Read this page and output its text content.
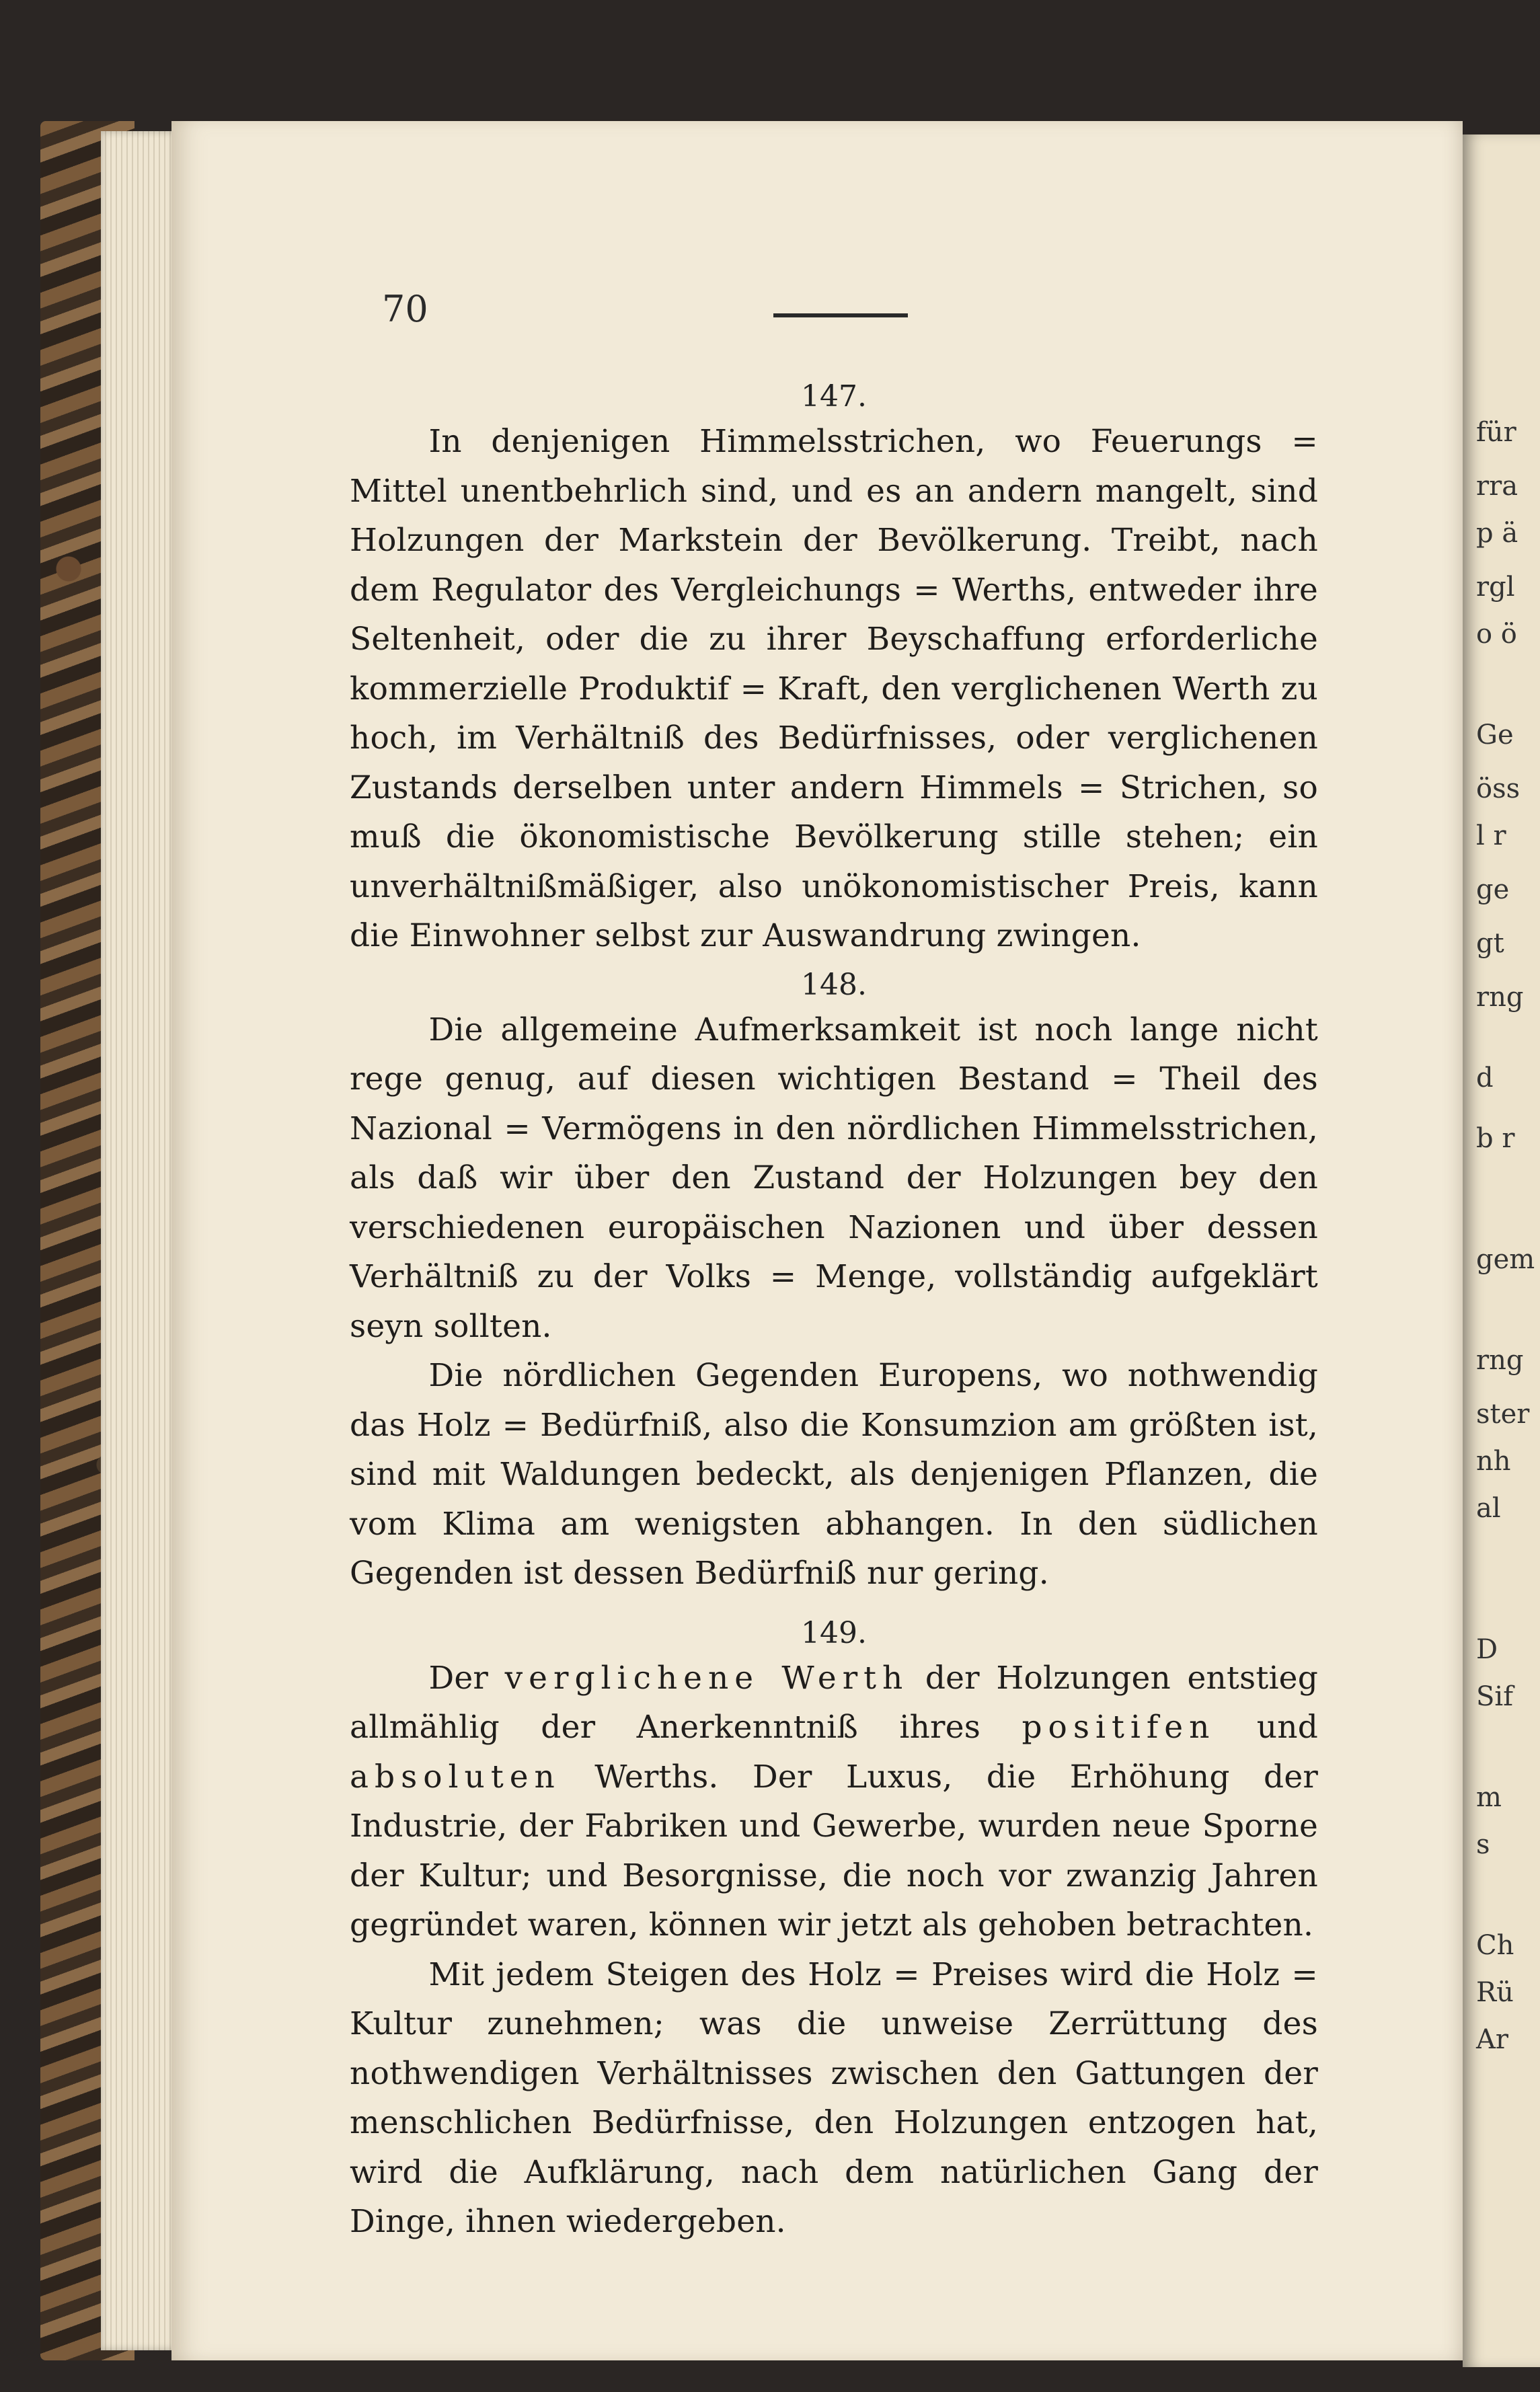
für
rra
p ä
rgl
o ö
Ge
öss
l r
ge
gt
rng
d
b r
gem
rng
ster
nh
al
D
Sif
m
s
Ch
Rü
Ar
70

147.

In denjenigen Himmelsstrichen, wo Feuerungs = Mittel unentbehrlich sind, und es an andern mangelt, sind Holzungen der Markstein der Bevölkerung. Treibt, nach dem Regulator des Vergleichungs = Werths, entweder ihre Seltenheit, oder die zu ihrer Beyschaffung erforderliche kommerzielle Produktif = Kraft, den verglichenen Werth zu hoch, im Verhältniß des Bedürfnisses, oder verglichenen Zustands derselben unter andern Himmels = Strichen, so muß die ökonomistische Bevölkerung stille stehen; ein unverhältnißmäßiger, also unökonomistischer Preis, kann die Einwohner selbst zur Auswandrung zwingen.

148.

Die allgemeine Aufmerksamkeit ist noch lange nicht rege genug, auf diesen wichtigen Bestand = Theil des Nazional = Vermögens in den nördlichen Himmelsstrichen, als daß wir über den Zustand der Holzungen bey den verschiedenen europäischen Nazionen und über dessen Verhältniß zu der Volks = Menge, vollständig aufgeklärt seyn sollten.

Die nördlichen Gegenden Europens, wo nothwendig das Holz = Bedürfniß, also die Konsumzion am größten ist, sind mit Waldungen bedeckt, als denjenigen Pflanzen, die vom Klima am wenigsten abhangen. In den südlichen Gegenden ist dessen Bedürfniß nur gering.

149.

Der verglichene Werth der Holzungen entstieg allmählig der Anerkenntniß ihres positifen und absoluten Werths. Der Luxus, die Erhöhung der Industrie, der Fabriken und Gewerbe, wurden neue Sporne der Kultur; und Besorgnisse, die noch vor zwanzig Jahren gegründet waren, können wir jetzt als gehoben betrachten.

Mit jedem Steigen des Holz = Preises wird die Holz = Kultur zunehmen; was die unweise Zerrüttung des nothwendigen Verhältnisses zwischen den Gattungen der menschlichen Bedürfnisse, den Holzungen entzogen hat, wird die Aufklärung, nach dem natürlichen Gang der Dinge, ihnen wiedergeben.
